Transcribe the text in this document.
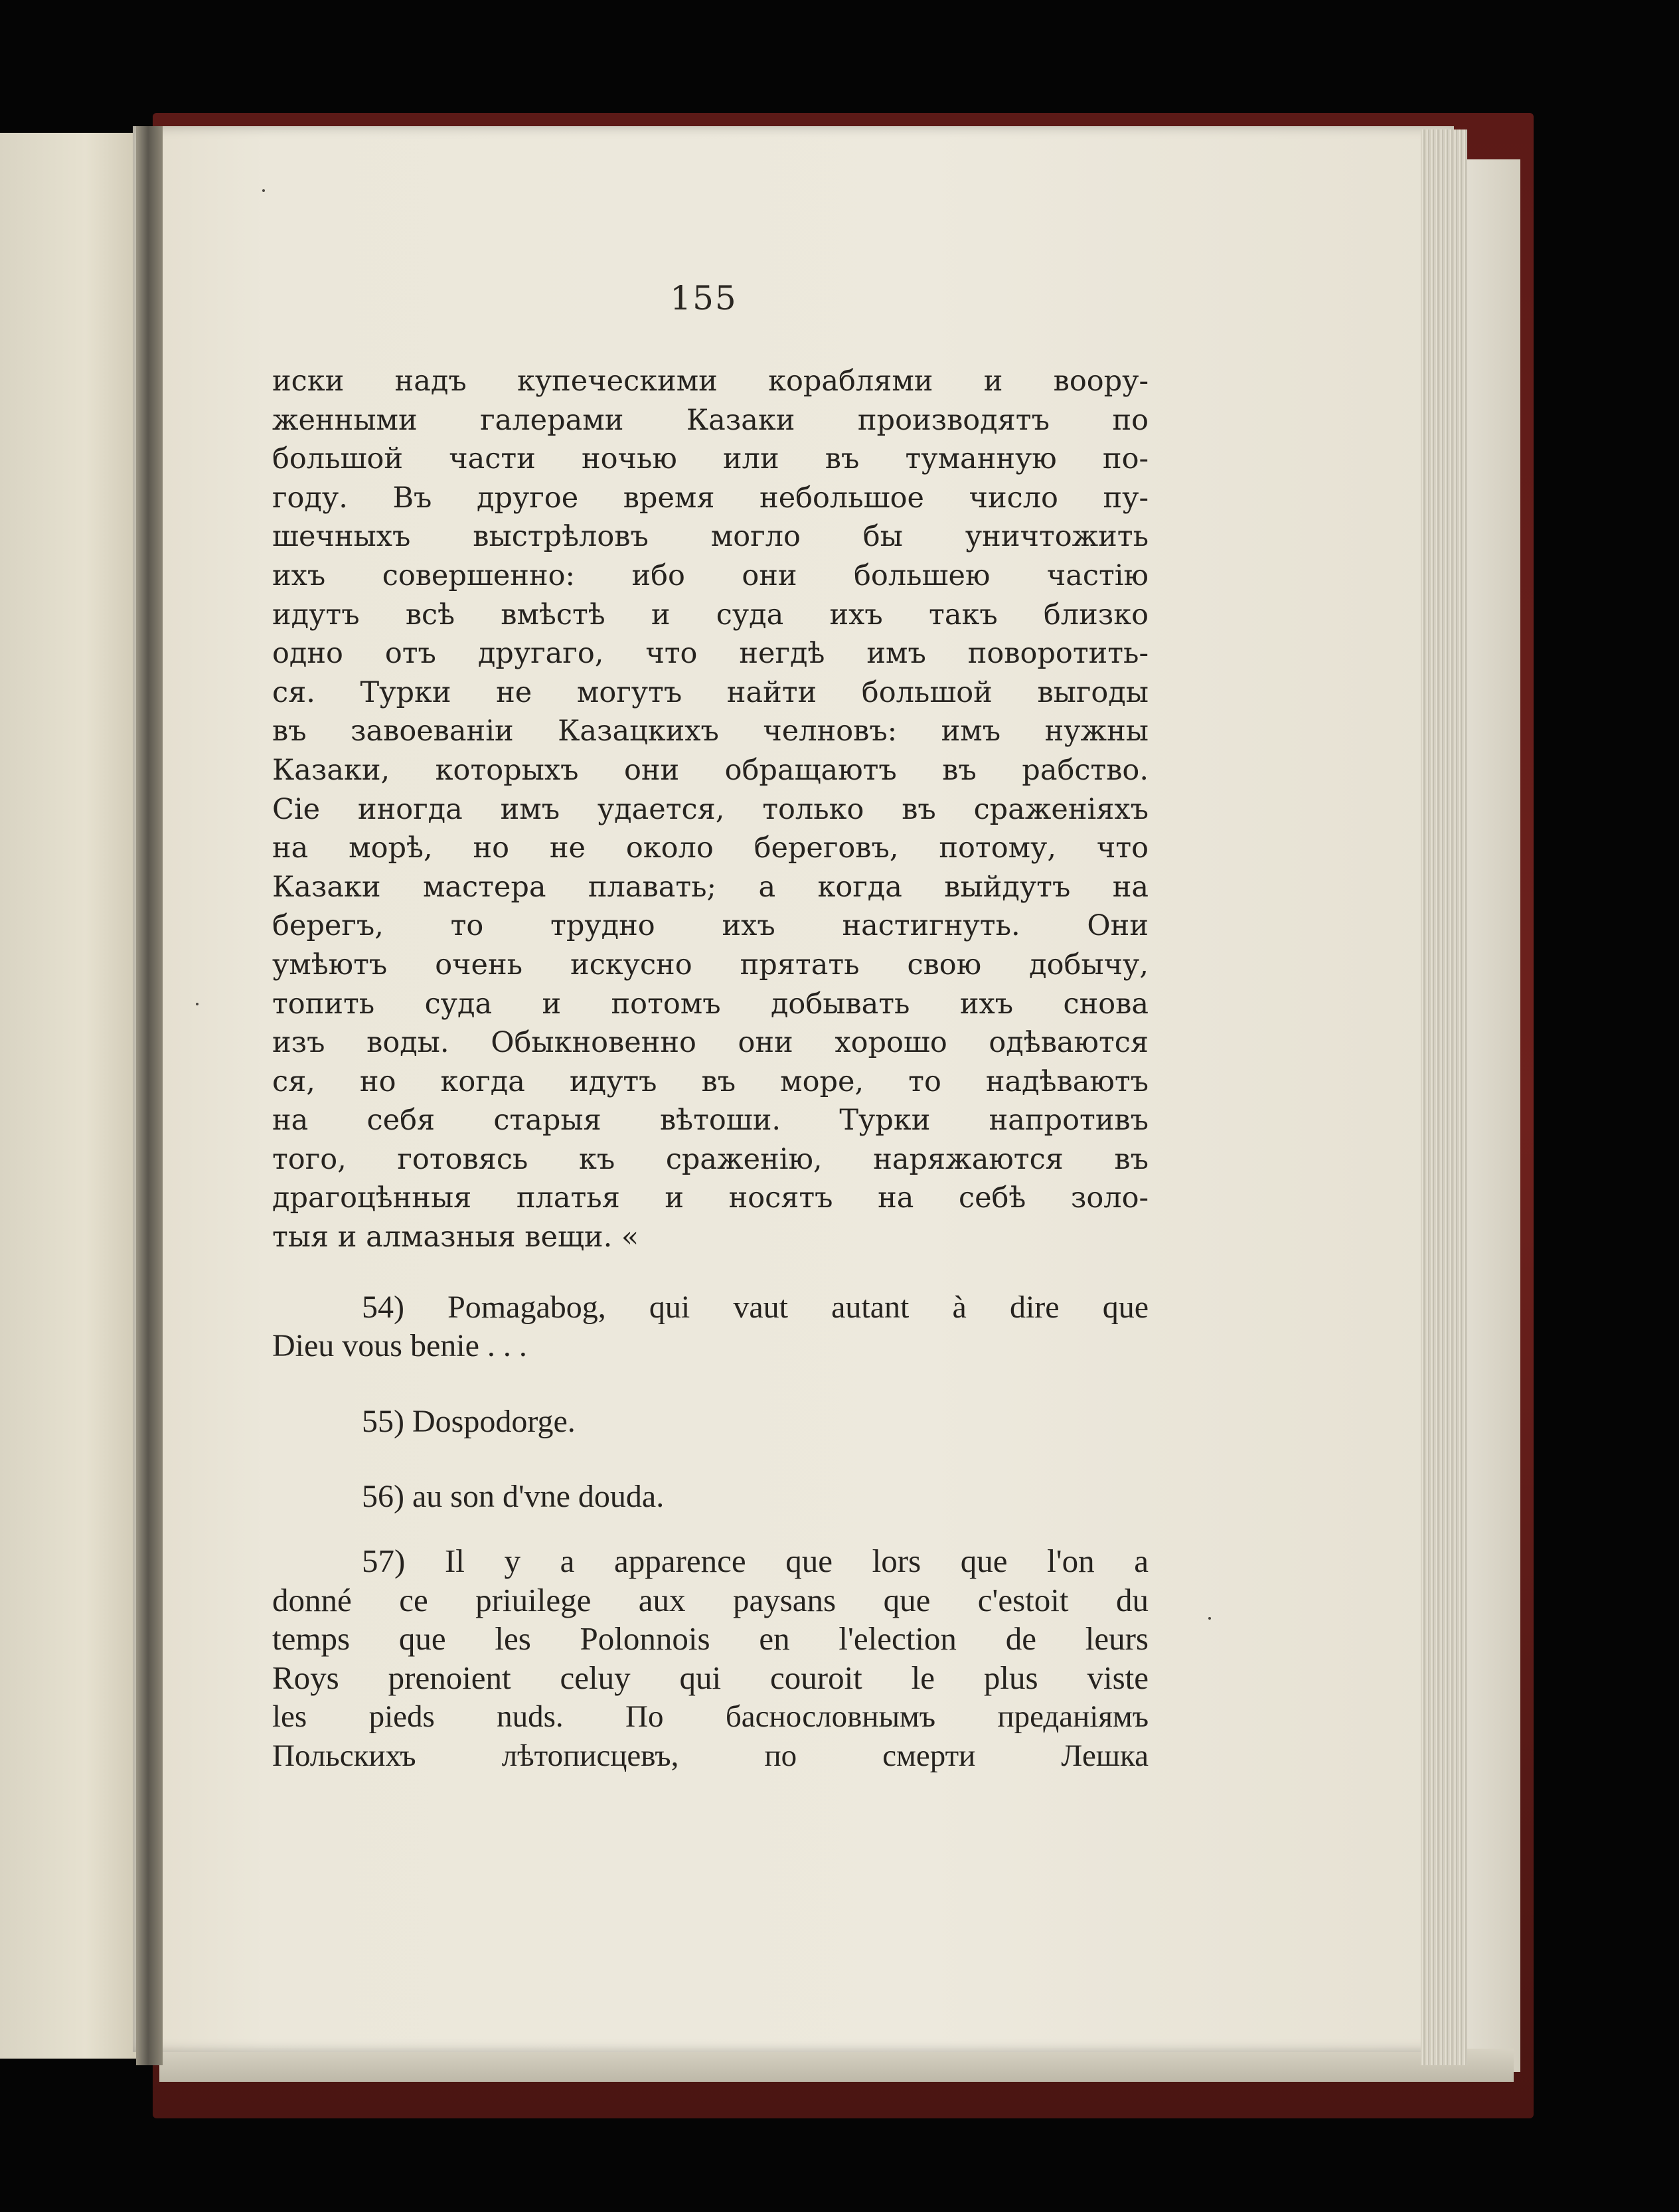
155
иски надъ купеческими кораблями и воору-
женными галерами Казаки производятъ по
большой части ночью или въ туманную по-
году. Въ другое время небольшое число пу-
шечныхъ выстрѣловъ могло бы уничтожить
ихъ совершенно: ибо они большею частію
идутъ всѣ вмѣстѣ и суда ихъ такъ близко
одно отъ другаго, что негдѣ имъ поворотить-
ся. Турки не могутъ найти большой выгоды
въ завоеваніи Казацкихъ челновъ: имъ нужны
Казаки, которыхъ они обращаютъ въ рабство.
Сіе иногда имъ удается, только въ сраженіяхъ
на морѣ, но не около береговъ, потому, что
Казаки мастера плавать; а когда выйдутъ на
берегъ, то трудно ихъ настигнуть. Они
умѣютъ очень искусно прятать свою добычу,
топить суда и потомъ добывать ихъ снова
изъ воды. Обыкновенно они хорошо одѣваются
ся, но когда идутъ въ море, то надѣваютъ
на себя старыя вѣтоши. Турки напротивъ
того, готовясь къ сраженію, наряжаются въ
драгоцѣнныя платья и носятъ на себѣ золо-
тыя и алмазныя вещи. «
54) Pomagabog, qui vaut autant à dire que
Dieu vous benie . . .
55) Dospodorge.
56) au son d'vne douda.
57) Il y a apparence que lors que l'on a
donné ce priuilege aux paysans que c'estoit du
temps que les Polonnois en l'election de leurs
Roys prenoient celuy qui couroit le plus viste
les pieds nuds. По баснословнымъ преданіямъ
Польскихъ лѣтописцевъ, по смерти Лешка
